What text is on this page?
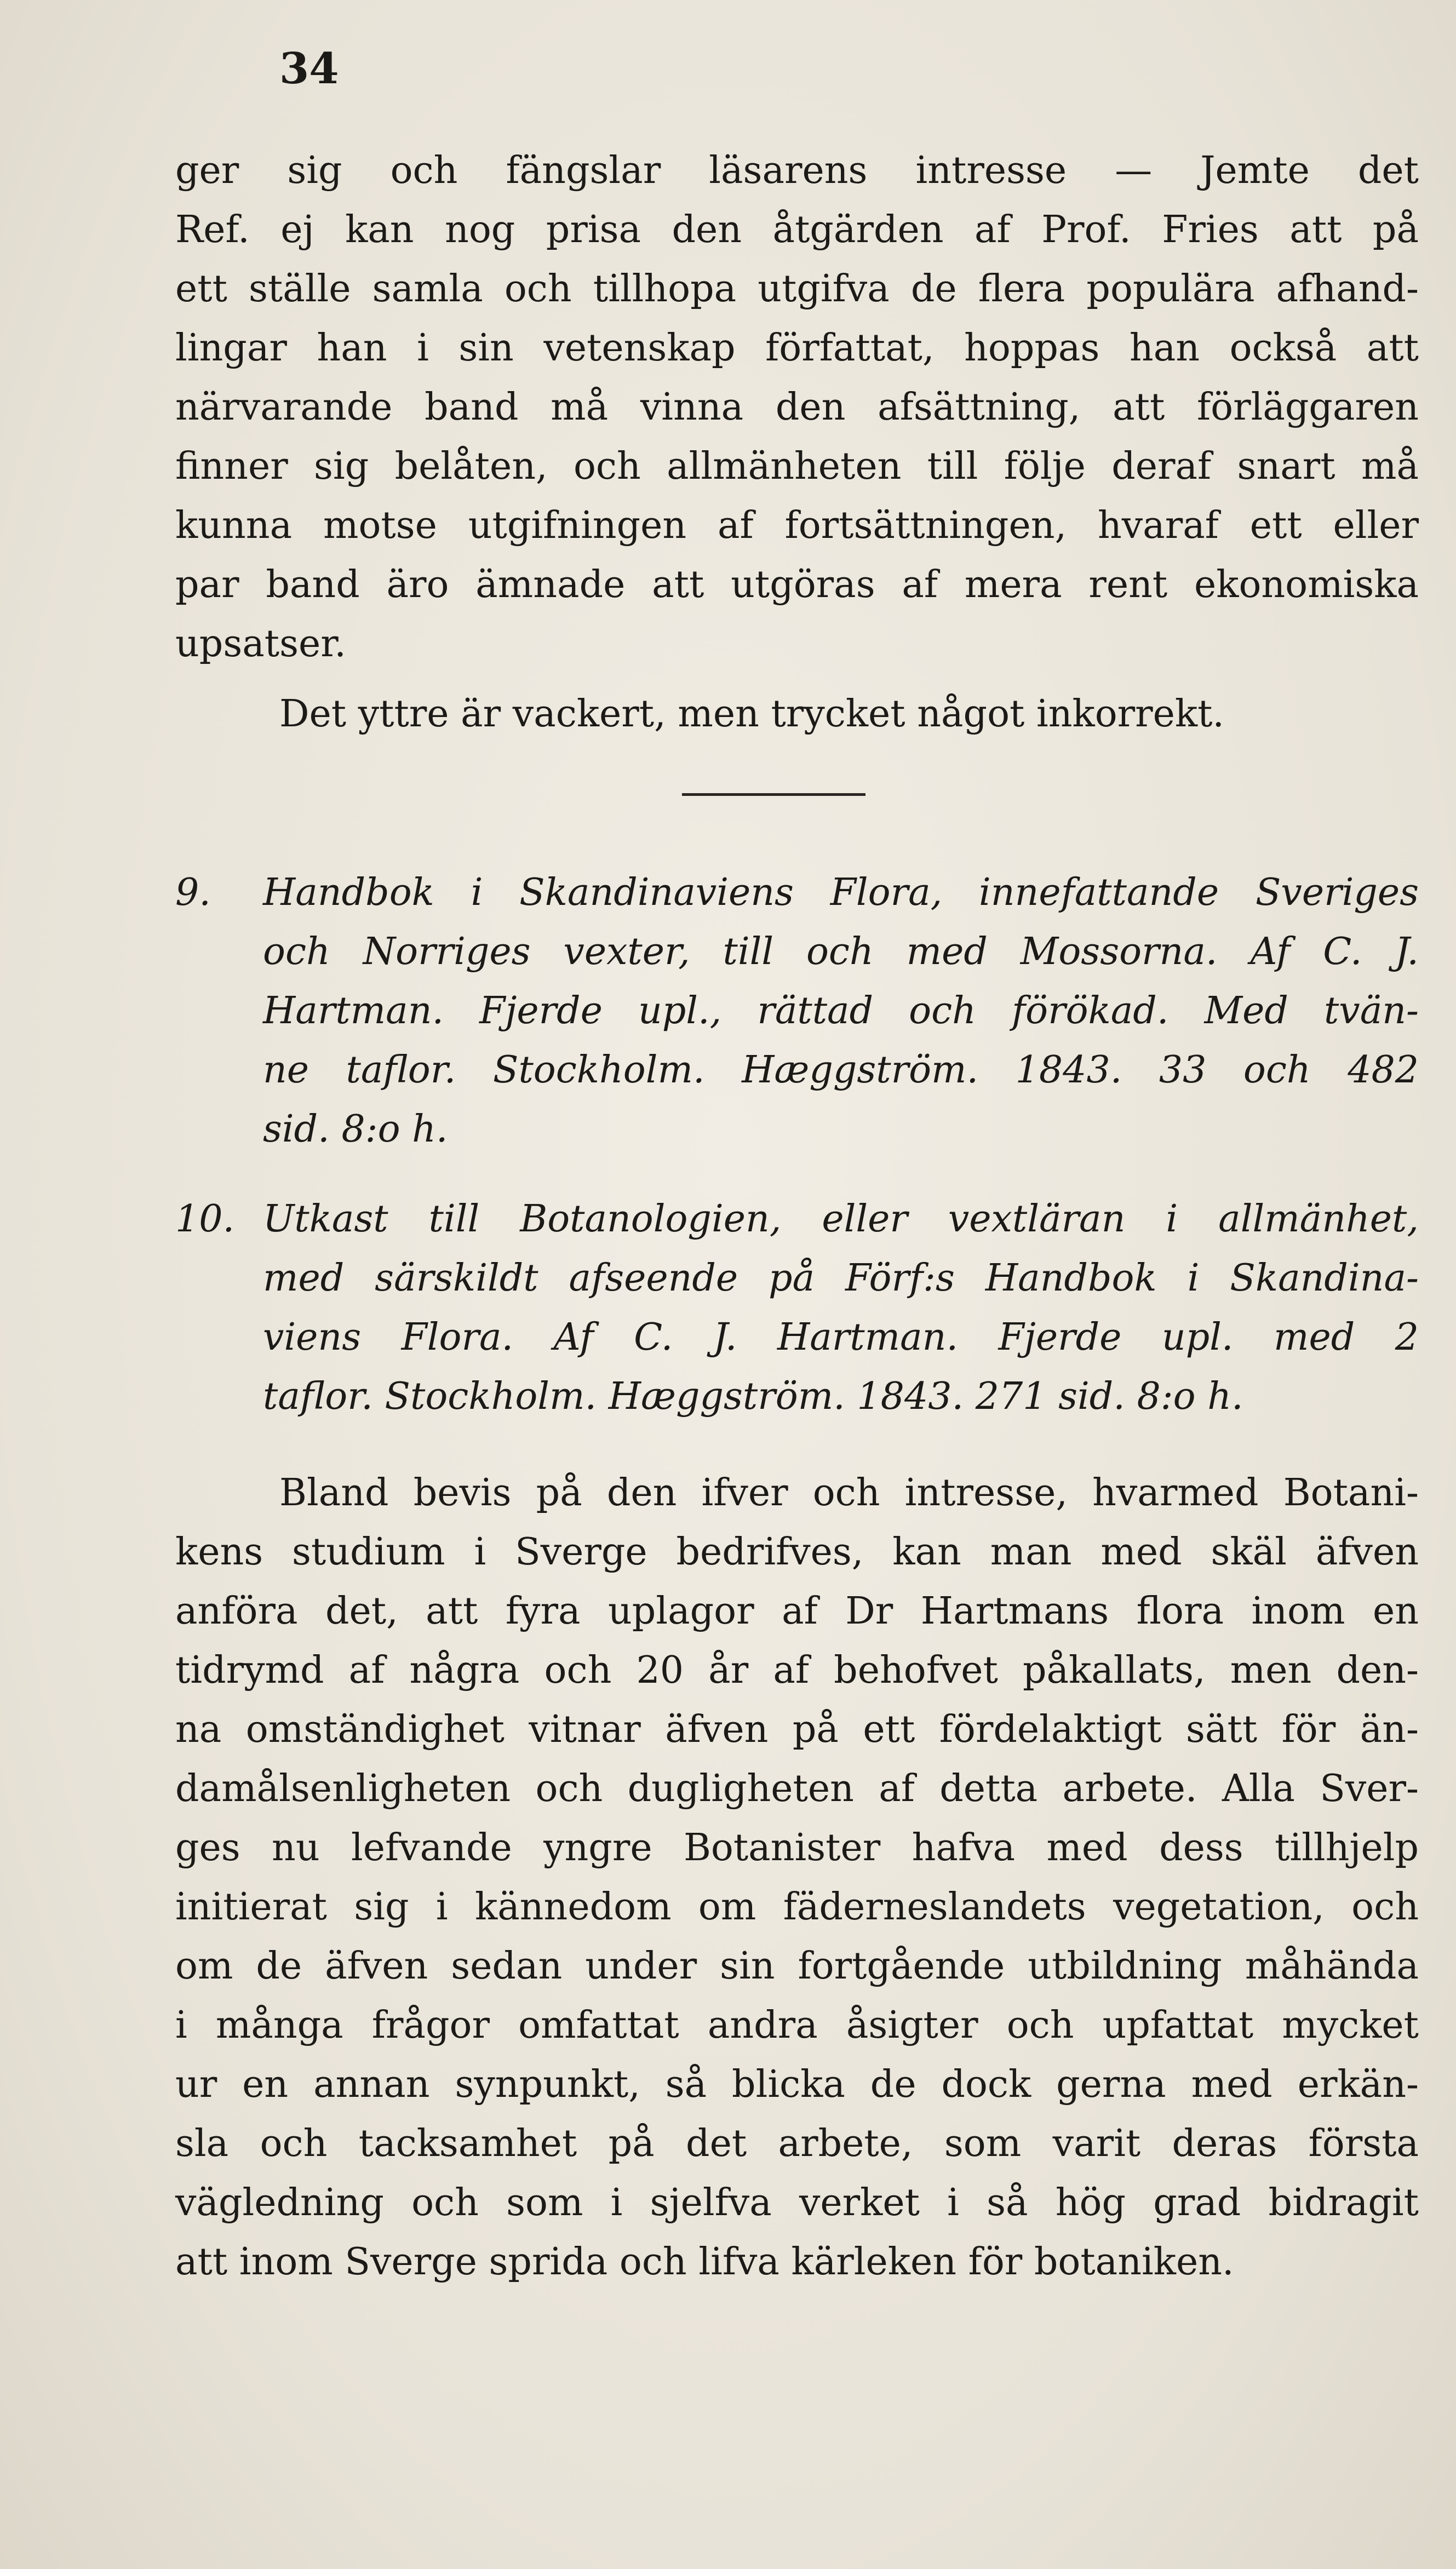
34
ger sig och fängslar läsarens intresse — Jemte det
Ref. ej kan nog prisa den åtgärden af Prof. Fries att på
ett ställe samla och tillhopa utgifva de flera populära afhand-
lingar han i sin vetenskap författat, hoppas han också att
närvarande band må vinna den afsättning, att förläggaren
finner sig belåten, och allmänheten till följe deraf snart må
kunna motse utgifningen af fortsättningen, hvaraf ett eller
par band äro ämnade att utgöras af mera rent ekonomiska
upsatser.
Det yttre är vackert, men trycket något inkorrekt.
9.	Handbok i Skandinaviens Flora, innefattande Sveriges
och Norriges vexter, till och med Mossorna. Af C. J.
Hartman. Fjerde upl., rättad och förökad. Med tvän-
ne taflor. Stockholm. Hæggström. 1843. 33 och 482
sid. 8:o h.
10. Utkast till Botanologien, eller vextläran i allmänhet,
med särskildt afseende på Förf:s Handbok i Skandina-
viens Flora. Af C. J. Hartman. Fjerde upl. med 2
taflor. Stockholm. Hæggström. 1843. 271 sid. 8:o h.
Bland bevis på den ifver och intresse, hvarmed Botani-
kens studium i Sverge bedrifves, kan man med skäl äfven
anföra det, att fyra uplagor af Dr Hartmans flora inom en
tidrymd af några och 20 år af behofvet påkallats, men den-
na omständighet vitnar äfven på ett fördelaktigt sätt för än-
damålsenligheten och dugligheten af detta arbete. Alla Sver-
ges nu lefvande yngre Botanister hafva med dess tillhjelp
initierat sig i kännedom om fäderneslandets vegetation, och
om de äfven sedan under sin fortgående utbildning måhända
i många frågor omfattat andra åsigter och upfattat mycket
ur en annan synpunkt, så blicka de dock gerna med erkän-
sla och tacksamhet på det arbete, som varit deras första
vägledning och som i sjelfva verket i så hög grad bidragit
att inom Sverge sprida och lifva kärleken för botaniken.
